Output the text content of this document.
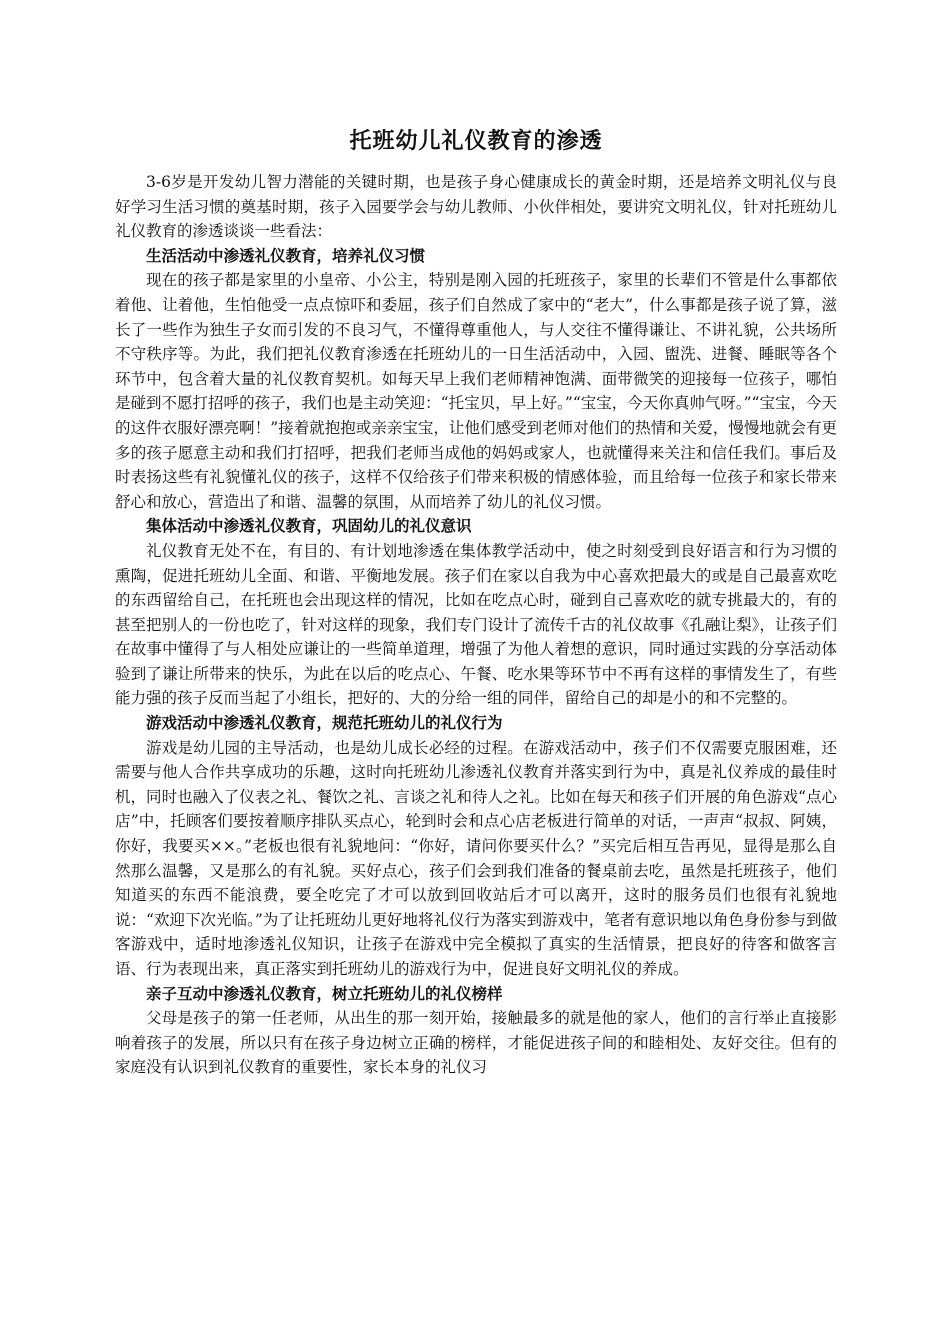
托班幼儿礼仪教育的渗透

3-6岁是开发幼儿智力潜能的关键时期，也是孩子身心健康成长的黄金时期，还是培养文明礼仪与良好学习生活习惯的奠基时期，孩子入园要学会与幼儿教师、小伙伴相处，要讲究文明礼仪，针对托班幼儿礼仪教育的渗透谈谈一些看法：

生活活动中渗透礼仪教育，培养礼仪习惯

现在的孩子都是家里的小皇帝、小公主，特别是刚入园的托班孩子，家里的长辈们不管是什么事都依着他、让着他，生怕他受一点点惊吓和委屈，孩子们自然成了家中的“老大”，什么事都是孩子说了算，滋长了一些作为独生子女而引发的不良习气，不懂得尊重他人，与人交往不懂得谦让、不讲礼貌，公共场所不守秩序等。为此，我们把礼仪教育渗透在托班幼儿的一日生活活动中，入园、盥洗、进餐、睡眠等各个环节中，包含着大量的礼仪教育契机。如每天早上我们老师精神饱满、面带微笑的迎接每一位孩子，哪怕是碰到不愿打招呼的孩子，我们也是主动笑迎：“托宝贝，早上好。”“宝宝，今天你真帅气呀。”“宝宝，今天的这件衣服好漂亮啊！”接着就抱抱或亲亲宝宝，让他们感受到老师对他们的热情和关爱，慢慢地就会有更多的孩子愿意主动和我们打招呼，把我们老师当成他的妈妈或家人，也就懂得来关注和信任我们。事后及时表扬这些有礼貌懂礼仪的孩子，这样不仅给孩子们带来积极的情感体验，而且给每一位孩子和家长带来舒心和放心，营造出了和谐、温馨的氛围，从而培养了幼儿的礼仪习惯。

集体活动中渗透礼仪教育，巩固幼儿的礼仪意识

礼仪教育无处不在，有目的、有计划地渗透在集体教学活动中，使之时刻受到良好语言和行为习惯的熏陶，促进托班幼儿全面、和谐、平衡地发展。孩子们在家以自我为中心喜欢把最大的或是自己最喜欢吃的东西留给自己，在托班也会出现这样的情况，比如在吃点心时，碰到自己喜欢吃的就专挑最大的，有的甚至把别人的一份也吃了，针对这样的现象，我们专门设计了流传千古的礼仪故事《孔融让梨》，让孩子们在故事中懂得了与人相处应谦让的一些简单道理，增强了为他人着想的意识，同时通过实践的分享活动体验到了谦让所带来的快乐，为此在以后的吃点心、午餐、吃水果等环节中不再有这样的事情发生了，有些能力强的孩子反而当起了小组长，把好的、大的分给一组的同伴，留给自己的却是小的和不完整的。

游戏活动中渗透礼仪教育，规范托班幼儿的礼仪行为

游戏是幼儿园的主导活动，也是幼儿成长必经的过程。在游戏活动中，孩子们不仅需要克服困难，还需要与他人合作共享成功的乐趣，这时向托班幼儿渗透礼仪教育并落实到行为中，真是礼仪养成的最佳时机，同时也融入了仪表之礼、餐饮之礼、言谈之礼和待人之礼。比如在每天和孩子们开展的角色游戏“点心店”中，托顾客们要按着顺序排队买点心，轮到时会和点心店老板进行简单的对话，一声声“叔叔、阿姨，你好，我要买××。”老板也很有礼貌地问：“你好，请问你要买什么？”买完后相互告再见，显得是那么自然那么温馨，又是那么的有礼貌。买好点心，孩子们会到我们准备的餐桌前去吃，虽然是托班孩子，他们知道买的东西不能浪费，要全吃完了才可以放到回收站后才可以离开，这时的服务员们也很有礼貌地说：“欢迎下次光临。”为了让托班幼儿更好地将礼仪行为落实到游戏中，笔者有意识地以角色身份参与到做客游戏中，适时地渗透礼仪知识，让孩子在游戏中完全模拟了真实的生活情景，把良好的待客和做客言语、行为表现出来，真正落实到托班幼儿的游戏行为中，促进良好文明礼仪的养成。

亲子互动中渗透礼仪教育，树立托班幼儿的礼仪榜样

父母是孩子的第一任老师，从出生的那一刻开始，接触最多的就是他的家人，他们的言行举止直接影响着孩子的发展，所以只有在孩子身边树立正确的榜样，才能促进孩子间的和睦相处、友好交往。但有的家庭没有认识到礼仪教育的重要性，家长本身的礼仪习
